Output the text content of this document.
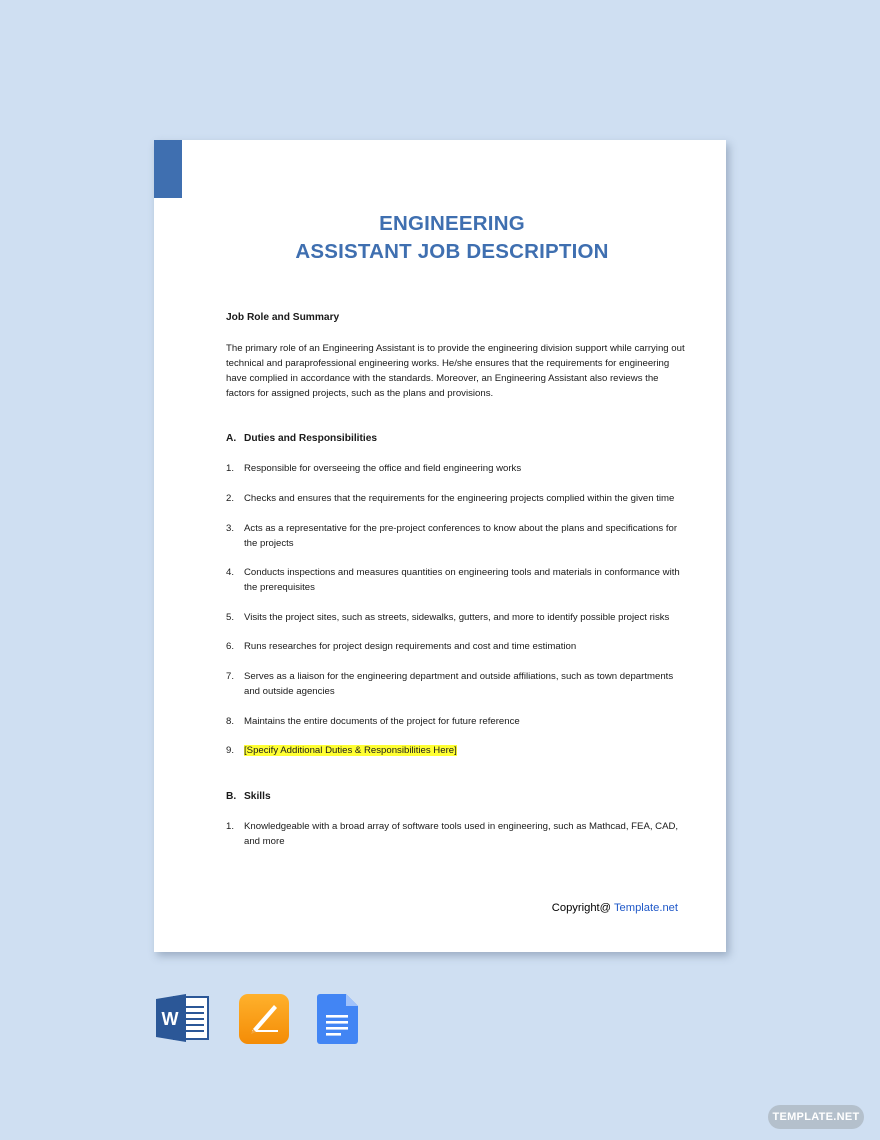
ENGINEERING
ASSISTANT JOB DESCRIPTION
Job Role and Summary
The primary role of an Engineering Assistant is to provide the engineering division support while carrying out technical and paraprofessional engineering works. He/she ensures that the requirements for engineering have complied in accordance with the standards. Moreover, an Engineering Assistant also reviews the factors for assigned projects, such as the plans and provisions.
A. Duties and Responsibilities
1.	Responsible for overseeing the office and field engineering works
2.	Checks and ensures that the requirements for the engineering projects complied within the given time
3.	Acts as a representative for the pre-project conferences to know about the plans and specifications for the projects
4.	Conducts inspections and measures quantities on engineering tools and materials in conformance with the prerequisites
5.	Visits the project sites, such as streets, sidewalks, gutters, and more to identify possible project risks
6.	Runs researches for project design requirements and cost and time estimation
7.	Serves as a liaison for the engineering department and outside affiliations, such as town departments and outside agencies
8.	Maintains the entire documents of the project for future reference
9.	[Specify Additional Duties & Responsibilities Here]
B. Skills
1.	Knowledgeable with a broad array of software tools used in engineering, such as Mathcad, FEA, CAD, and more
Copyright@ Template.net
W
TEMPLATE.NET
